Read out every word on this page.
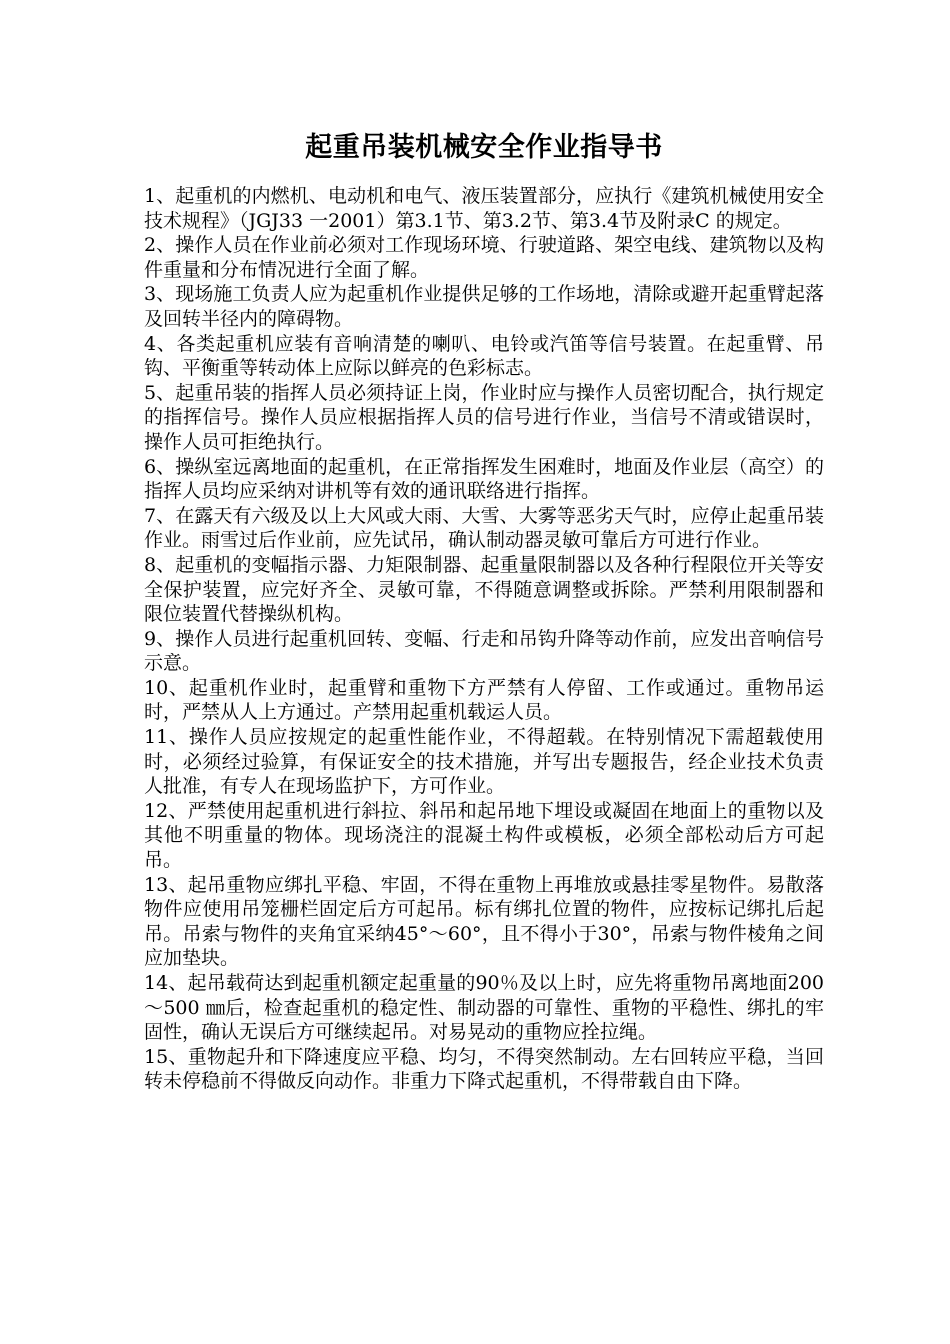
起重吊装机械安全作业指导书

1、起重机的内燃机、电动机和电气、液压装置部分，应执行《建筑机械使用安全技术规程》（JGJ33 一2001）第3.1节、第3.2节、第3.4节及附录C 的规定。

2、操作人员在作业前必须对工作现场环境、行驶道路、架空电线、建筑物以及构件重量和分布情况进行全面了解。

3、现场施工负责人应为起重机作业提供足够的工作场地，清除或避开起重臂起落及回转半径内的障碍物。

4、各类起重机应装有音响清楚的喇叭、电铃或汽笛等信号装置。在起重臂、吊钩、平衡重等转动体上应际以鲜亮的色彩标志。

5、起重吊装的指挥人员必须持证上岗，作业时应与操作人员密切配合，执行规定的指挥信号。操作人员应根据指挥人员的信号进行作业，当信号不清或错误时，操作人员可拒绝执行。

6、操纵室远离地面的起重机，在正常指挥发生困难时，地面及作业层（高空）的指挥人员均应采纳对讲机等有效的通讯联络进行指挥。

7、在露天有六级及以上大风或大雨、大雪、大雾等恶劣天气时，应停止起重吊装作业。雨雪过后作业前，应先试吊，确认制动器灵敏可靠后方可进行作业。

8、起重机的变幅指示器、力矩限制器、起重量限制器以及各种行程限位开关等安全保护装置，应完好齐全、灵敏可靠，不得随意调整或拆除。严禁利用限制器和限位装置代替操纵机构。

9、操作人员进行起重机回转、变幅、行走和吊钩升降等动作前，应发出音响信号示意。

10、起重机作业时，起重臂和重物下方严禁有人停留、工作或通过。重物吊运时，严禁从人上方通过。产禁用起重机载运人员。

11、操作人员应按规定的起重性能作业，不得超载。在特别情况下需超载使用时，必须经过验算，有保证安全的技术措施，并写出专题报告，经企业技术负责人批准，有专人在现场监护下，方可作业。

12、严禁使用起重机进行斜拉、斜吊和起吊地下埋设或凝固在地面上的重物以及其他不明重量的物体。现场浇注的混凝土构件或模板，必须全部松动后方可起吊。

13、起吊重物应绑扎平稳、牢固，不得在重物上再堆放或悬挂零星物件。易散落物件应使用吊笼栅栏固定后方可起吊。标有绑扎位置的物件，应按标记绑扎后起吊。吊索与物件的夹角宜采纳45°～60°，且不得小于30°，吊索与物件棱角之间应加垫块。

14、起吊载荷达到起重机额定起重量的90％及以上时，应先将重物吊离地面200 ～500 ㎜后，检查起重机的稳定性、制动器的可靠性、重物的平稳性、绑扎的牢固性，确认无误后方可继续起吊。对易晃动的重物应拴拉绳。

15、重物起升和下降速度应平稳、均匀，不得突然制动。左右回转应平稳，当回转未停稳前不得做反向动作。非重力下降式起重机，不得带载自由下降。
